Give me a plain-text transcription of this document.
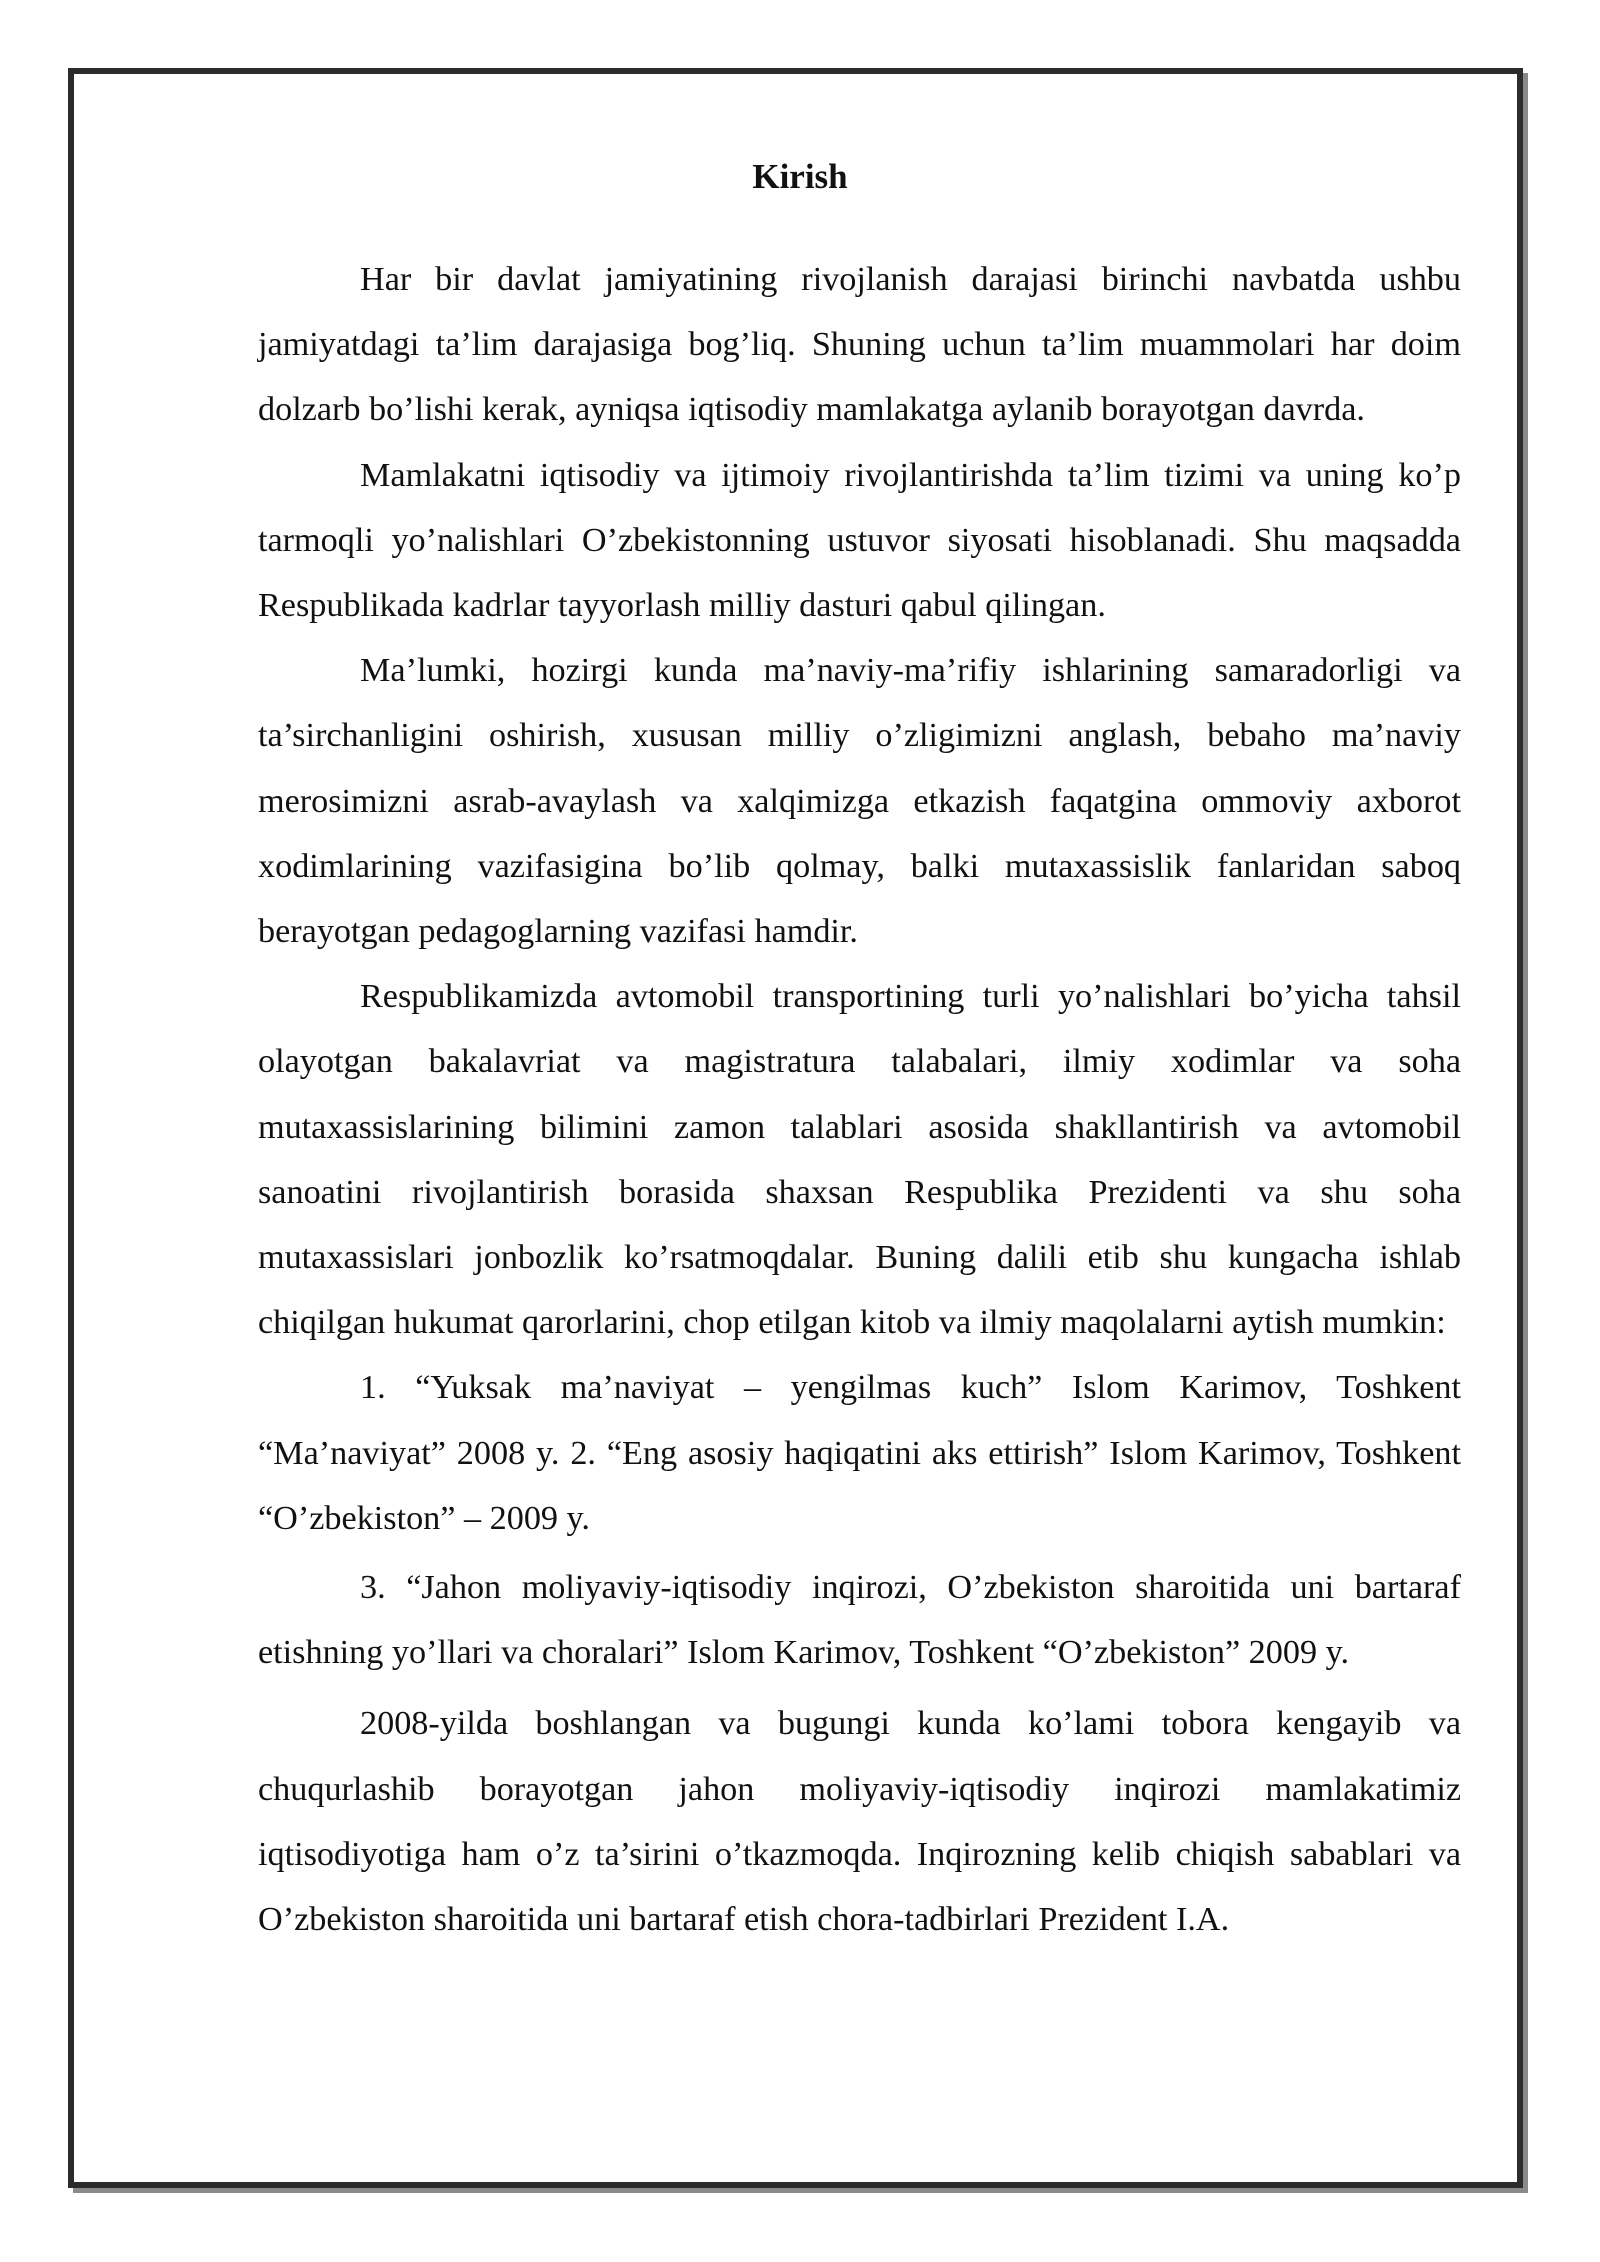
Kirish

Har bir davlat jamiyatining rivojlanish darajasi birinchi navbatda ushbu jamiyatdagi ta’lim darajasiga bog’liq. Shuning uchun ta’lim muammolari har doim dolzarb bo’lishi kerak, ayniqsa iqtisodiy mamlakatga aylanib borayotgan davrda.

Mamlakatni iqtisodiy va ijtimoiy rivojlantirishda ta’lim tizimi va uning ko’p tarmoqli yo’nalishlari O’zbekistonning ustuvor siyosati hisoblanadi. Shu maqsadda Respublikada kadrlar tayyorlash milliy dasturi qabul qilingan.

Ma’lumki, hozirgi kunda ma’naviy-ma’rifiy ishlarining samaradorligi va ta’sirchanligini oshirish, xususan milliy o’zligimizni anglash, bebaho ma’naviy merosimizni asrab-avaylash va xalqimizga etkazish faqatgina ommoviy axborot xodimlarining vazifasigina bo’lib qolmay, balki mutaxassislik fanlaridan saboq berayotgan pedagoglarning vazifasi hamdir.

Respublikamizda avtomobil transportining turli yo’nalishlari bo’yicha tahsil olayotgan bakalavriat va magistratura talabalari, ilmiy xodimlar va soha mutaxassislarining bilimini zamon talablari asosida shakllantirish va avtomobil sanoatini rivojlantirish borasida shaxsan Respublika Prezidenti va shu soha mutaxassislari jonbozlik ko’rsatmoqdalar. Buning dalili etib shu kungacha ishlab chiqilgan hukumat qarorlarini, chop etilgan kitob va ilmiy maqolalarni aytish mumkin:

1. “Yuksak ma’naviyat – yengilmas kuch” Islom Karimov, Toshkent “Ma’naviyat” 2008 y. 2. “Eng asosiy haqiqatini aks ettirish” Islom Karimov, Toshkent “O’zbekiston” – 2009 y.

3. “Jahon moliyaviy-iqtisodiy inqirozi, O’zbekiston sharoitida uni bartaraf etishning yo’llari va choralari” Islom Karimov, Toshkent “O’zbekiston” 2009 y.

2008-yilda boshlangan va bugungi kunda ko’lami tobora kengayib va chuqurlashib borayotgan jahon moliyaviy-iqtisodiy inqirozi mamlakatimiz iqtisodiyotiga ham o’z ta’sirini o’tkazmoqda. Inqirozning kelib chiqish sabablari va O’zbekiston sharoitida uni bartaraf etish chora-tadbirlari Prezident I.A.
